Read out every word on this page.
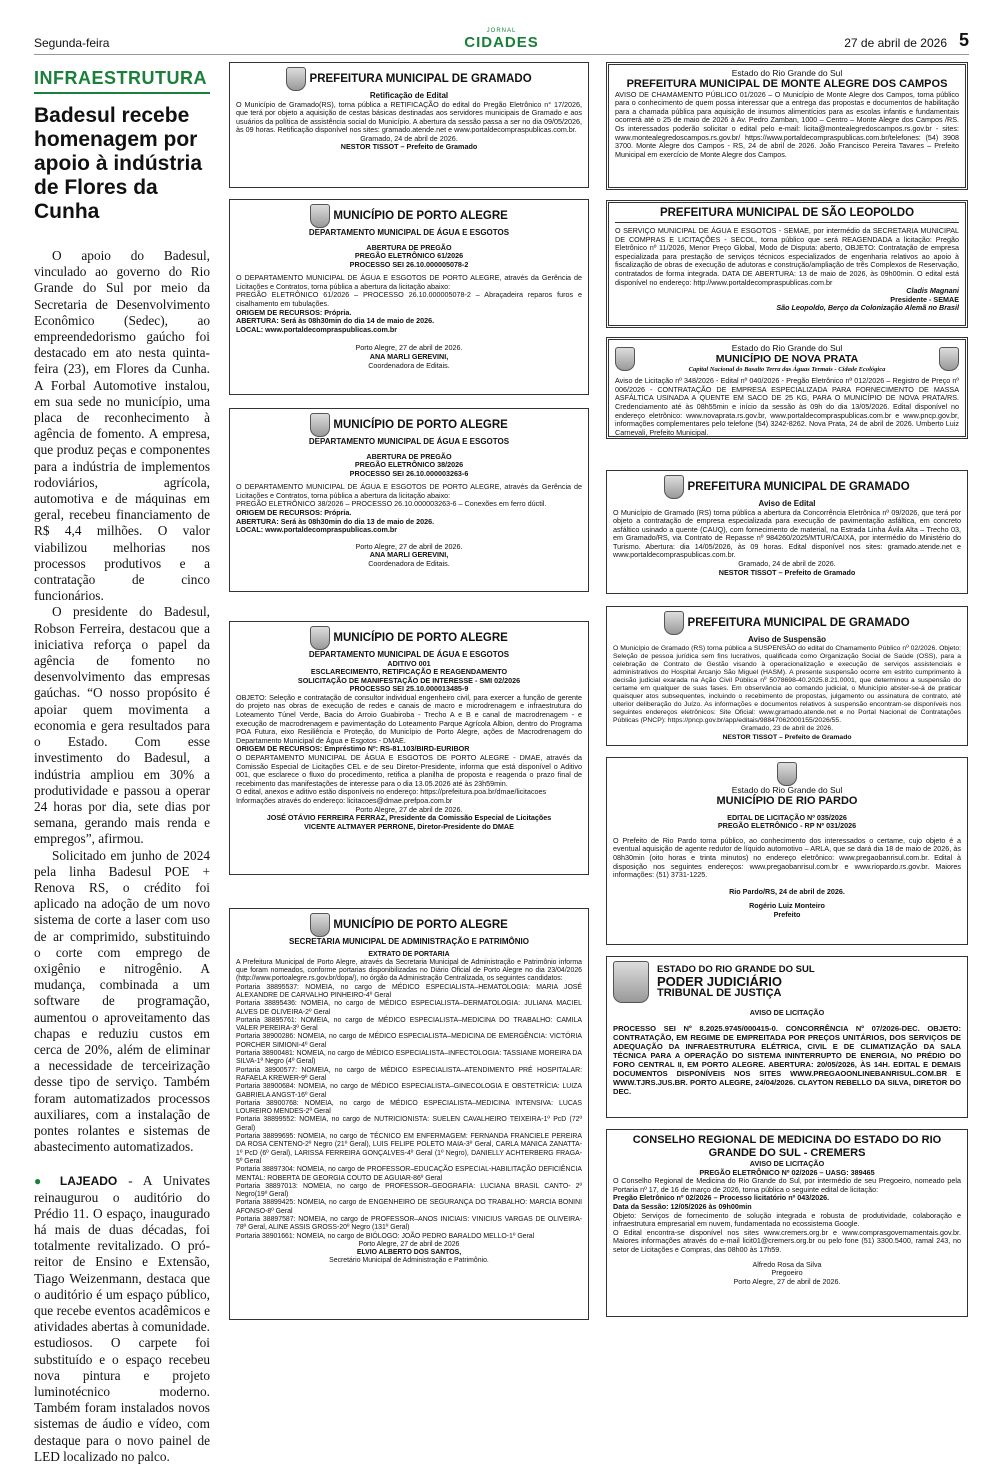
Segunda-feira
JORNAL
CIDADES	27 de abril de 2026 5
INFRAESTRUTURA
Badesul recebe homenagem por apoio à indústria de Flores da Cunha

O apoio do Badesul, vinculado ao governo do Rio Grande do Sul por meio da Secretaria de Desenvolvimento Econômico (Sedec), ao empreendedorismo gaúcho foi destacado em ato nesta quinta-feira (23), em Flores da Cunha. A Forbal Automotive instalou, em sua sede no município, uma placa de reconhecimento à agência de fomento. A empresa, que produz peças e componentes para a indústria de implementos rodoviários, agrícola, automotiva e de máquinas em geral, recebeu financiamento de R$ 4,4 milhões. O valor viabilizou melhorias nos processos produtivos e a contratação de cinco funcionários.

O presidente do Badesul, Robson Ferreira, destacou que a iniciativa reforça o papel da agência de fomento no desenvolvimento das empresas gaúchas. “O nosso propósito é apoiar quem movimenta a economia e gera resultados para o Estado. Com esse investimento do Badesul, a indústria ampliou em 30% a produtividade e passou a operar 24 horas por dia, sete dias por semana, gerando mais renda e empregos”, afirmou.

Solicitado em junho de 2024 pela linha Badesul POE + Renova RS, o crédito foi aplicado na adoção de um novo sistema de corte a laser com uso de ar comprimido, substituindo o corte com emprego de oxigênio e nitrogênio. A mudança, combinada a um software de programação, aumentou o aproveitamento das chapas e reduziu custos em cerca de 20%, além de eliminar a necessidade de terceirização desse tipo de serviço. Também foram automatizados processos auxiliares, com a instalação de pontes rolantes e sistemas de abastecimento automatizados.

● LAJEADO - A Univates reinaugurou o auditório do Prédio 11. O espaço, inaugurado há mais de duas décadas, foi totalmente revitalizado. O pró-reitor de Ensino e Extensão, Tiago Weizenmann, destaca que o auditório é um espaço público, que recebe eventos acadêmicos e atividades abertas à comunidade. estudiosos. O carpete foi substituído e o espaço recebeu nova pintura e projeto luminotécnico moderno. Também foram instalados novos sistemas de áudio e vídeo, com destaque para o novo painel de LED localizado no palco.
PREFEITURA MUNICIPAL DE GRAMADO
Retificação de Edital
O Município de Gramado(RS), torna pública a RETIFICAÇÃO do edital do Pregão Eletrônico n° 17/2026, que terá por objeto a aquisição de cestas básicas destinadas aos servidores municipais de Gramado e aos usuários da política de assistência social do Município. A abertura da sessão passa a ser no dia 09/05/2026, às 09 horas. Retificação disponível nos sites: gramado.atende.net e www.portaldecompraspublicas.com.br.
Gramado, 24 de abril de 2026.
NESTOR TISSOT – Prefeito de Gramado
MUNICÍPIO DE PORTO ALEGRE
DEPARTAMENTO MUNICIPAL DE ÁGUA E ESGOTOS
ABERTURA DE PREGÃO
PREGÃO ELETRÔNICO 61/2026
PROCESSO SEI 26.10.000005078-2
O DEPARTAMENTO MUNICIPAL DE ÁGUA E ESGOTOS DE PORTO ALEGRE, através da Gerência de Licitações e Contratos, torna pública a abertura da licitação abaixo:
PREGÃO ELETRÔNICO 61/2026 – PROCESSO 26.10.000005078-2 – Abraçadeira reparos furos e cisalhamento em tubulações.
ORIGEM DE RECURSOS: Própria.
ABERTURA: Será às 08h30min do dia 14 de maio de 2026.
LOCAL: www.portaldecompraspublicas.com.br
Porto Alegre, 27 de abril de 2026.
ANA MARLI GEREVINI,
Coordenadora de Editais.
MUNICÍPIO DE PORTO ALEGRE
DEPARTAMENTO MUNICIPAL DE ÁGUA E ESGOTOS
ABERTURA DE PREGÃO
PREGÃO ELETRÔNICO 38/2026
PROCESSO SEI 26.10.000003263-6
O DEPARTAMENTO MUNICIPAL DE ÁGUA E ESGOTOS DE PORTO ALEGRE, através da Gerência de Licitações e Contratos, torna pública a abertura da licitação abaixo:
PREGÃO ELETRÔNICO 38/2026 – PROCESSO 26.10.000003263-6 – Conexões em ferro dúctil.
ORIGEM DE RECURSOS: Própria.
ABERTURA: Será às 08h30min do dia 13 de maio de 2026.
LOCAL: www.portaldecompraspublicas.com.br
Porto Alegre, 27 de abril de 2026.
ANA MARLI GEREVINI,
Coordenadora de Editais.
MUNICÍPIO DE PORTO ALEGRE
DEPARTAMENTO MUNICIPAL DE ÁGUA E ESGOTOS
ADITIVO 001
ESCLARECIMENTO, RETIFICAÇÃO E REAGENDAMENTO
SOLICITAÇÃO DE MANIFESTAÇÃO DE INTERESSE - SMI 02/2026
PROCESSO SEI 25.10.000013485-9
OBJETO: Seleção e contratação de consultor individual engenheiro civil, para exercer a função de gerente do projeto nas obras de execução de redes e canais de macro e microdrenagem e infraestrutura do Loteamento Túnel Verde, Bacia do Arroio Guabiroba - Trecho A e B e canal de macrodrenagem - e execução de macrodrenagem e pavimentação do Loteamento Parque Agrícola Albion, dentro do Programa POA Futura, eixo Resiliência e Proteção, do Município de Porto Alegre, ações de Macrodrenagem do Departamento Municipal de Água e Esgotos - DMAE.
ORIGEM DE RECURSOS: Empréstimo Nº: RS-81.103/BIRD-EURIBOR
O DEPARTAMENTO MUNICIPAL DE ÁGUA E ESGOTOS DE PORTO ALEGRE - DMAE, através da Comissão Especial de Licitações CEL e de seu Diretor-Presidente, informa que está disponível o Aditivo 001, que esclarece o fluxo do procedimento, retifica a planilha de proposta e reagenda o prazo final de recebimento das manifestações de interesse para o dia 13.05.2026 até às 23h59min.
O edital, anexos e aditivo estão disponíveis no endereço: https://prefeitura.poa.br/dmae/licitacoes
Informações através do endereço: licitacoes@dmae.prefpoa.com.br
Porto Alegre, 27 de abril de 2026.
JOSÉ OTÁVIO FERREIRA FERRAZ, Presidente da Comissão Especial de Licitações
VICENTE ALTMAYER PERRONE, Diretor-Presidente do DMAE
MUNICÍPIO DE PORTO ALEGRE
SECRETARIA MUNICIPAL DE ADMINISTRAÇÃO E PATRIMÔNIO
EXTRATO DE PORTARIA
A Prefeitura Municipal de Porto Alegre, através da Secretaria Municipal de Administração e Patrimônio informa que foram nomeados, conforme portarias disponibilizadas no Diário Oficial de Porto Alegre no dia 23/04/2026 (http://www.portoalegre.rs.gov.br/dopa/), no órgão da Administração Centralizada, os seguintes candidatos:
Portaria 38895537: NOMEIA, no cargo de MÉDICO ESPECIALISTA–HEMATOLOGIA: MARIA JOSÉ ALEXANDRE DE CARVALHO PINHEIRO-4º Geral
Portaria 38895436: NOMEIA, no cargo de MÉDICO ESPECIALISTA–DERMATOLOGIA: JULIANA MACIEL ALVES DE OLIVEIRA-2º Geral
Portaria 38895761: NOMEIA, no cargo de MÉDICO ESPECIALISTA–MEDICINA DO TRABALHO: CAMILA VALER PEREIRA-3º Geral
Portaria 38900286: NOMEIA, no cargo de MÉDICO ESPECIALISTA–MEDICINA DE EMERGÊNCIA: VICTÓRIA PORCHER SIMIONI-4º Geral
Portaria 38900481: NOMEIA, no cargo de MÉDICO ESPECIALISTA–INFECTOLOGIA: TASSIANE MOREIRA DA SILVA-1º Negro (4º Geral)
Portaria 38900577: NOMEIA, no cargo de MÉDICO ESPECIALISTA–ATENDIMENTO PRÉ HOSPITALAR: RAFAELA KREWER-9º Geral
Portaria 38900684: NOMEIA, no cargo de MÉDICO ESPECIALISTA–GINECOLOGIA E OBSTETRÍCIA: LUIZA GABRIELA ANGST-16º Geral
Portaria 38900768: NOMEIA, no cargo de MÉDICO ESPECIALISTA–MEDICINA INTENSIVA: LUCAS LOUREIRO MENDES-2º Geral
Portaria 38899552: NOMEIA, no cargo de NUTRICIONISTA: SUELEN CAVALHEIRO TEIXEIRA-1º PcD (72º Geral)
Portaria 38899695: NOMEIA, no cargo de TÉCNICO EM ENFERMAGEM: FERNANDA FRANCIELE PEREIRA DA ROSA CENTENO-2º Negro (21º Geral), LUIS FELIPE POLETO MAIA-3º Geral, CARLA MANICA ZANATTA-1º PcD (6º Geral), LARISSA FERREIRA GONÇALVES-4º Geral (1º Negro), DANIELLY ACHTERBERG FRAGA-5º Geral
Portaria 38897304: NOMEIA, no cargo de PROFESSOR–EDUCAÇÃO ESPECIAL-HABILITAÇÃO DEFICIÊNCIA MENTAL: ROBERTA DE GEORGIA COUTO DE AGUIAR-86º Geral
Portaria 38897013: NOMEIA, no cargo de PROFESSOR–GEOGRAFIA: LUCIANA BRASIL CANTO- 2º Negro(19º Geral)
Portaria 38899425: NOMEIA, no cargo de ENGENHEIRO DE SEGURANÇA DO TRABALHO: MARCIA BONINI AFONSO-8º Geral
Portaria 38897587: NOMEIA, no cargo de PROFESSOR–ANOS INICIAIS: VINICIUS VARGAS DE OLIVEIRA-78º Geral, ALINE ASSIS GROSS-20º Negro (131º Geral)
Portaria 38901661: NOMEIA, no cargo de BIÓLOGO: JOÃO PEDRO BARALDO MELLO-1º Geral
Porto Alegre, 27 de abril de 2026
ELVIO ALBERTO DOS SANTOS,
Secretário Municipal de Administração e Patrimônio.
Estado do Rio Grande do Sul
PREFEITURA MUNICIPAL DE MONTE ALEGRE DOS CAMPOS
AVISO DE CHAMAMENTO PÚBLICO 01/2026 – O Município de Monte Alegre dos Campos, torna público para o conhecimento de quem possa interessar que a entrega das propostas e documentos de habilitação para a chamada pública para aquisição de insumos alimentícios para as escolas infantis e fundamentais ocorrerá até o 25 de maio de 2026 à Av. Pedro Zamban, 1000 – Centro – Monte Alegre dos Campos /RS. Os interessados poderão solicitar o edital pelo e-mail: licita@montealegredoscampos.rs.gov.br - sites: www.montealegredoscampos.rs.gov.br/ https://www.portaldecompraspublicas.com.br/telefones: (54) 3908 3700. Monte Alegre dos Campos - RS, 24 de abril de 2026. João Francisco Pereira Tavares – Prefeito Municipal em exercício de Monte Alegre dos Campos.
PREFEITURA MUNICIPAL DE SÃO LEOPOLDO
O SERVIÇO MUNICIPAL DE ÁGUA E ESGOTOS - SEMAE, por intermédio da SECRETARIA MUNICIPAL DE COMPRAS E LICITAÇÕES - SECOL, torna público que será REAGENDADA a licitação: Pregão Eletrônico nº 11/2026, Menor Preço Global, Modo de Disputa: aberto, OBJETO: Contratação de empresa especializada para prestação de serviços técnicos especializados de engenharia relativos ao apoio à fiscalização de obras de execução de adutoras e construção/ampliação de três Complexos de Reservação, contratados de forma integrada. DATA DE ABERTURA: 13 de maio de 2026, às 09h00min. O edital está disponível no endereço: http://www.portaldecompraspublicas.com.br
Cladis Magnani
Presidente - SEMAE
São Leopoldo, Berço da Colonização Alemã no Brasil
Estado do Rio Grande do Sul
MUNICÍPIO DE NOVA PRATA
Capital Nacional do Basalto Terra das Águas Termais - Cidade Ecológica
Aviso de Licitação nº 348/2026 - Edital nº 040/2026 - Pregão Eletrônico nº 012/2026 – Registro de Preço nº 006/2026 - CONTRATAÇÃO DE EMPRESA ESPECIALIZADA PARA FORNECIMENTO DE MASSA ASFÁLTICA USINADA A QUENTE EM SACO DE 25 KG, PARA O MUNICÍPIO DE NOVA PRATA/RS. Credenciamento até às 08h55min e início da sessão às 09h do dia 13/05/2026. Edital disponível no endereço eletrônico: www.novaprata.rs.gov.br, www.portaldecompraspublicas.com.br e www.pncp.gov.br, informações complementares pelo telefone (54) 3242-8262. Nova Prata, 24 de abril de 2026. Umberto Luiz Carnevali, Prefeito Municipal.
PREFEITURA MUNICIPAL DE GRAMADO
Aviso de Edital
O Município de Gramado (RS) torna pública a abertura da Concorrência Eletrônica nº 09/2026, que terá por objeto a contratação de empresa especializada para execução de pavimentação asfáltica, em concreto asfáltico usinado a quente (CAUQ), com fornecimento de material, na Estrada Linha Ávila Alta – Trecho 03, em Gramado/RS, via Contrato de Repasse nº 984260/2025/MTUR/CAIXA, por intermédio do Ministério do Turismo. Abertura: dia 14/05/2026, às 09 horas. Edital disponível nos sites: gramado.atende.net e www.portaldecompraspublicas.com.br.
Gramado, 24 de abril de 2026.
NESTOR TISSOT – Prefeito de Gramado
PREFEITURA MUNICIPAL DE GRAMADO
Aviso de Suspensão
O Município de Gramado (RS) torna pública a SUSPENSÃO do edital do Chamamento Público nº 02/2026. Objeto: Seleção de pessoa jurídica sem fins lucrativos, qualificada como Organização Social de Saúde (OSS), para a celebração de Contrato de Gestão visando à operacionalização e execução de serviços assistenciais e administrativos do Hospital Arcanjo São Miguel (HASM). A presente suspensão ocorre em estrito cumprimento à decisão judicial exarada na Ação Civil Pública nº 5078698-40.2025.8.21.0001, que determinou a suspensão do certame em qualquer de suas fases. Em observância ao comando judicial, o Município abster-se-á de praticar quaisquer atos subsequentes, incluindo o recebimento de propostas, julgamento ou assinatura de contrato, até ulterior deliberação do Juízo. As informações e documentos relativos à suspensão encontram-se disponíveis nos seguintes endereços eletrônicos: Site Oficial: www.gramado.atende.net e no Portal Nacional de Contratações Públicas (PNCP): https://pncp.gov.br/app/editais/98847062000155/2026/55.
Gramado, 23 de abril de 2026.
NESTOR TISSOT – Prefeito de Gramado
Estado do Rio Grande do Sul
MUNICÍPIO DE RIO PARDO
EDITAL DE LICITAÇÃO Nº 035/2026
PREGÃO ELETRÔNICO - RP Nº 031/2026
O Prefeito de Rio Pardo torna público, ao conhecimento dos interessados o certame, cujo objeto é a eventual aquisição de agente redutor de líquido automotivo – ARLA, que se dará dia 18 de maio de 2026, às 08h30min (oito horas e trinta minutos) no endereço eletrônico: www.pregaobanrisul.com.br. Edital à disposição nos seguintes endereços: www.pregaobanrisul.com.br e www.riopardo.rs.gov.br. Maiores informações: (51) 3731-1225.
Rio Pardo/RS, 24 de abril de 2026.
Rogério Luiz Monteiro
Prefeito
ESTADO DO RIO GRANDE DO SUL
PODER JUDICIÁRIO
TRIBUNAL DE JUSTIÇA
AVISO DE LICITAÇÃO
PROCESSO SEI Nº 8.2025.9745/000415-0. CONCORRÊNCIA Nº 07/2026-DEC. OBJETO: CONTRATAÇÃO, EM REGIME DE EMPREITADA POR PREÇOS UNITÁRIOS, DOS SERVIÇOS DE ADEQUAÇÃO DA INFRAESTRUTURA ELÉTRICA, CIVIL E DE CLIMATIZAÇÃO DA SALA TÉCNICA PARA A OPERAÇÃO DO SISTEMA ININTERRUPTO DE ENERGIA, NO PRÉDIO DO FORO CENTRAL II, EM PORTO ALEGRE. ABERTURA: 20/05/2026, ÀS 14H. EDITAL E DEMAIS DOCUMENTOS DISPONÍVEIS NOS SITES WWW.PREGAOONLINEBANRISUL.COM.BR E WWW.TJRS.JUS.BR. PORTO ALEGRE, 24/04/2026. CLAYTON REBELLO DA SILVA, DIRETOR DO DEC.
CONSELHO REGIONAL DE MEDICINA DO ESTADO DO RIO GRANDE DO SUL - CREMERS
AVISO DE LICITAÇÃO
PREGÃO ELETRÔNICO Nº 02/2026 – UASG: 389465
O Conselho Regional de Medicina do Rio Grande do Sul, por intermédio de seu Pregoeiro, nomeado pela Portaria nº 17, de 16 de março de 2026, torna pública o seguinte edital de licitação:
Pregão Eletrônico nº 02/2026 – Processo licitatório nº 043/2026.
Data da Sessão: 12/05/2026 às 09h00min
Objeto: Serviços de fornecimento de solução integrada e robusta de produtividade, colaboração e infraestrutura empresarial em nuvem, fundamentada no ecossistema Google.
O Edital encontra-se disponível nos sites www.cremers.org.br e www.comprasgovernamentais.gov.br. Maiores informações através do e-mail licit01@cremers.org.br ou pelo fone (51) 3300.5400, ramal 243, no setor de Licitações e Compras, das 08h00 às 17h59.
Alfredo Rosa da Silva
Pregoeiro
Porto Alegre, 27 de abril de 2026.
